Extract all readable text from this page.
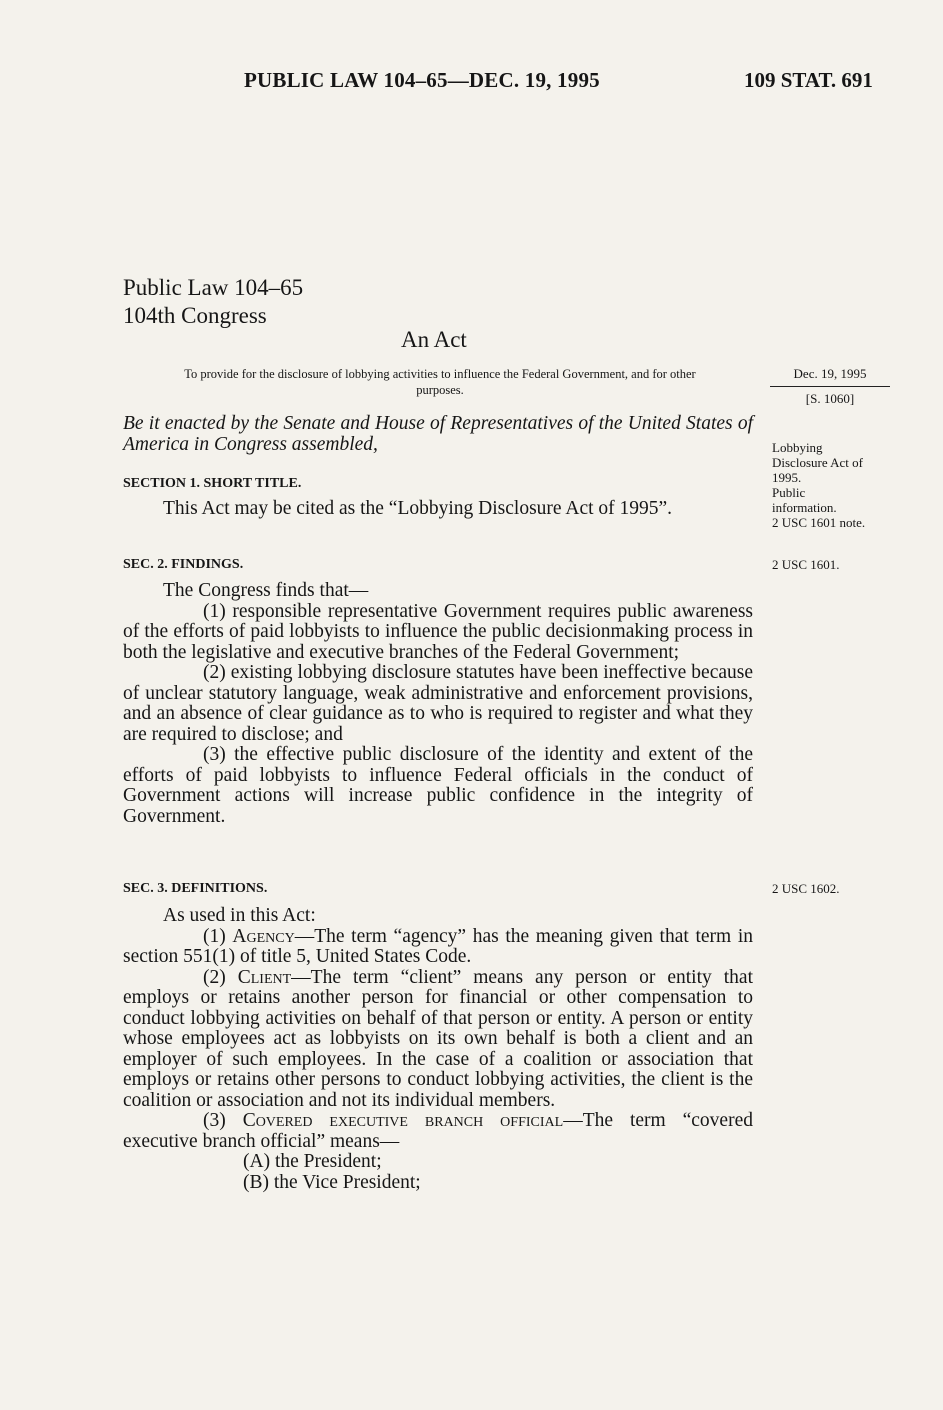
PUBLIC LAW 104–65—DEC. 19, 1995	109 STAT. 691
Public Law 104–65
104th Congress
An Act
To provide for the disclosure of lobbying activities to influence the Federal Government, and for other purposes.
Dec. 19, 1995
[S. 1060]
Be it enacted by the Senate and House of Representatives of the United States of America in Congress assembled,	Lobbying
Disclosure Act of
1995.
Public
information.
2 USC 1601 note.
SECTION 1. SHORT TITLE.

This Act may be cited as the “Lobbying Disclosure Act of 1995”.

SEC. 2. FINDINGS.	2 USC 1601.

The Congress finds that—

(1) responsible representative Government requires public awareness of the efforts of paid lobbyists to influence the public decisionmaking process in both the legislative and executive branches of the Federal Government;

(2) existing lobbying disclosure statutes have been ineffective because of unclear statutory language, weak administrative and enforcement provisions, and an absence of clear guidance as to who is required to register and what they are required to disclose; and

(3) the effective public disclosure of the identity and extent of the efforts of paid lobbyists to influence Federal officials in the conduct of Government actions will increase public confidence in the integrity of Government.

SEC. 3. DEFINITIONS.	2 USC 1602.

As used in this Act:

(1) Agency—The term “agency” has the meaning given that term in section 551(1) of title 5, United States Code.

(2) Client—The term “client” means any person or entity that employs or retains another person for financial or other compensation to conduct lobbying activities on behalf of that person or entity. A person or entity whose employees act as lobbyists on its own behalf is both a client and an employer of such employees. In the case of a coalition or association that employs or retains other persons to conduct lobbying activities, the client is the coalition or association and not its individual members.

(3) Covered executive branch official—The term “covered executive branch official” means—

(A) the President;

(B) the Vice President;
